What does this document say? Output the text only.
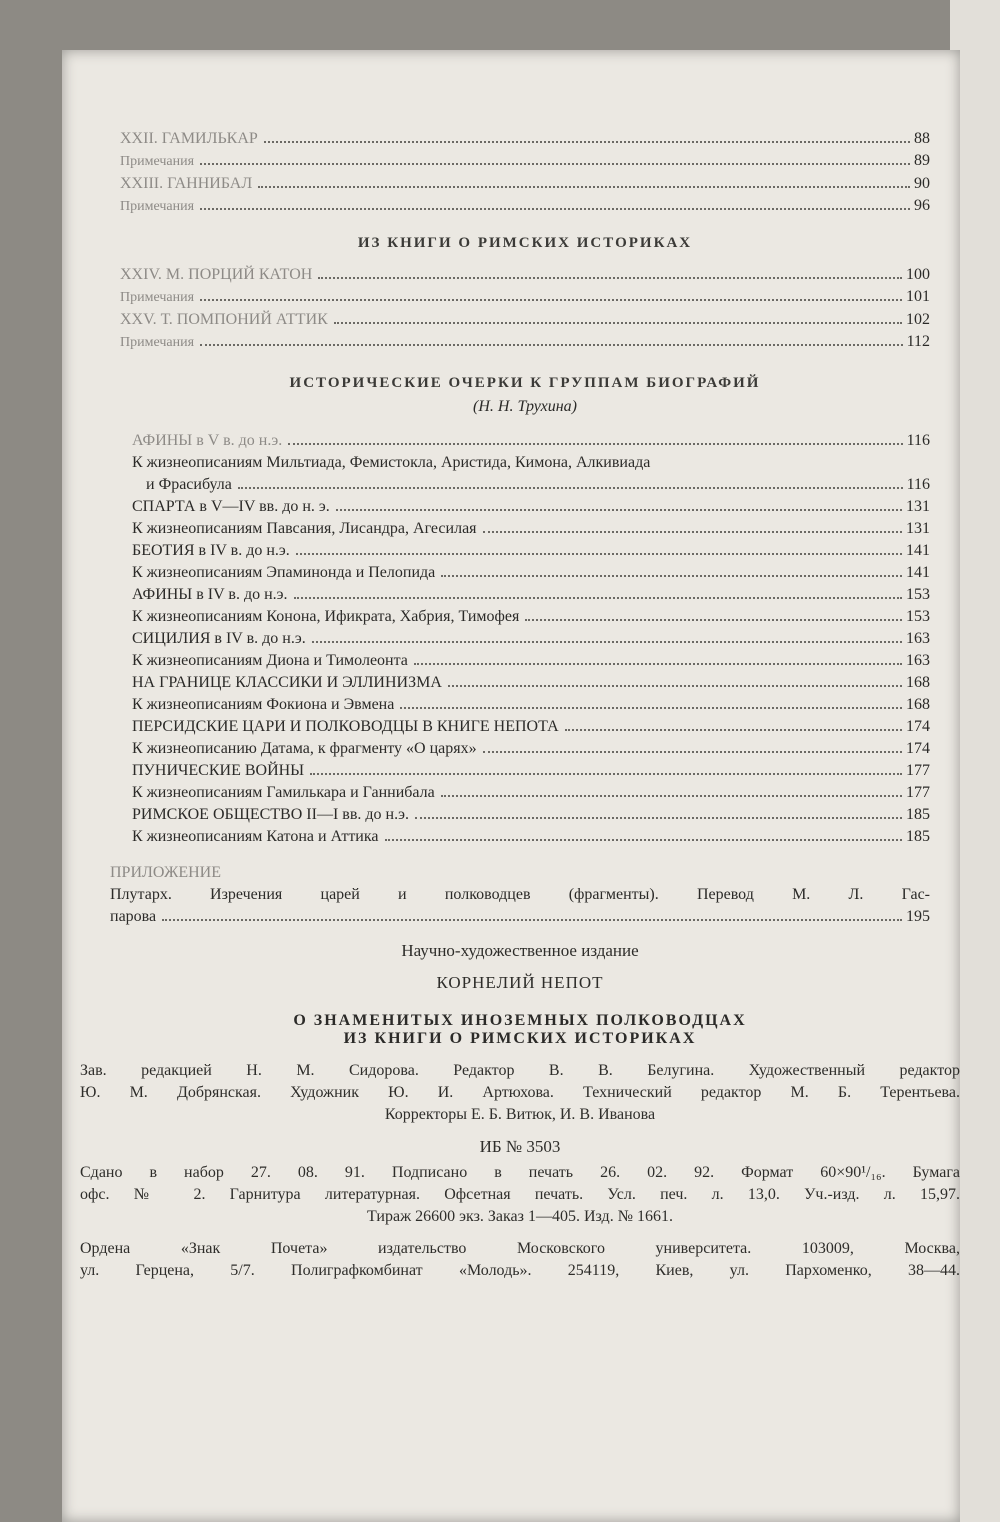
XXII. ГАМИЛЬКАР	88
Примечания	89
XXIII. ГАННИБАЛ	90
Примечания	96
ИЗ КНИГИ О РИМСКИХ ИСТОРИКАХ
XXIV. М. ПОРЦИЙ КАТОН	100
Примечания	101
XXV. Т. ПОМПОНИЙ АТТИК	102
Примечания	112
ИСТОРИЧЕСКИЕ ОЧЕРКИ К ГРУППАМ БИОГРАФИЙ
(Н. Н. Трухина)
АФИНЫ в V в. до н.э.	116
К жизнеописаниям Мильтиада, Фемистокла, Аристида, Кимона, Алкивиада
и Фрасибула	116
СПАРТА в V—IV вв. до н. э.	131
К жизнеописаниям Павсания, Лисандра, Агесилая	131
БЕОТИЯ в IV в. до н.э.	141
К жизнеописаниям Эпаминонда и Пелопида	141
АФИНЫ в IV в. до н.э.	153
К жизнеописаниям Конона, Ификрата, Хабрия, Тимофея	153
СИЦИЛИЯ в IV в. до н.э.	163
К жизнеописаниям Диона и Тимолеонта	163
НА ГРАНИЦЕ КЛАССИКИ И ЭЛЛИНИЗМА	168
К жизнеописаниям Фокиона и Эвмена	168
ПЕРСИДСКИЕ ЦАРИ И ПОЛКОВОДЦЫ В КНИГЕ НЕПОТА	174
К жизнеописанию Датама, к фрагменту «О царях»	174
ПУНИЧЕСКИЕ ВОЙНЫ	177
К жизнеописаниям Гамилькара и Ганнибала	177
РИМСКОЕ ОБЩЕСТВО II—I вв. до н.э.	185
К жизнеописаниям Катона и Аттика	185
ПРИЛОЖЕНИЕ
Плутарх. Изречения царей и полководцев (фрагменты). Перевод М. Л. Гас-
парова	195
Научно-художественное издание
КОРНЕЛИЙ НЕПОТ
О ЗНАМЕНИТЫХ ИНОЗЕМНЫХ ПОЛКОВОДЦАХ
ИЗ КНИГИ О РИМСКИХ ИСТОРИКАХ
Зав. редакцией Н. М. Сидорова. Редактор В. В. Белугина. Художественный редактор
Ю. М. Добрянская. Художник Ю. И. Артюхова. Технический редактор М. Б. Терентьева.
Корректоры Е. Б. Витюк, И. В. Иванова
ИБ № 3503
Сдано в набор 27. 08. 91. Подписано в печать 26. 02. 92. Формат 60×90¹/₁₆. Бумага
офс. № 2. Гарнитура литературная. Офсетная печать. Усл. печ. л. 13,0. Уч.-изд. л. 15,97.
Тираж 26600 экз. Заказ 1—405. Изд. № 1661.
Ордена «Знак Почета» издательство Московского университета. 103009, Москва,
ул. Герцена, 5/7. Полиграфкомбинат «Молодь». 254119, Киев, ул. Пархоменко, 38—44.
